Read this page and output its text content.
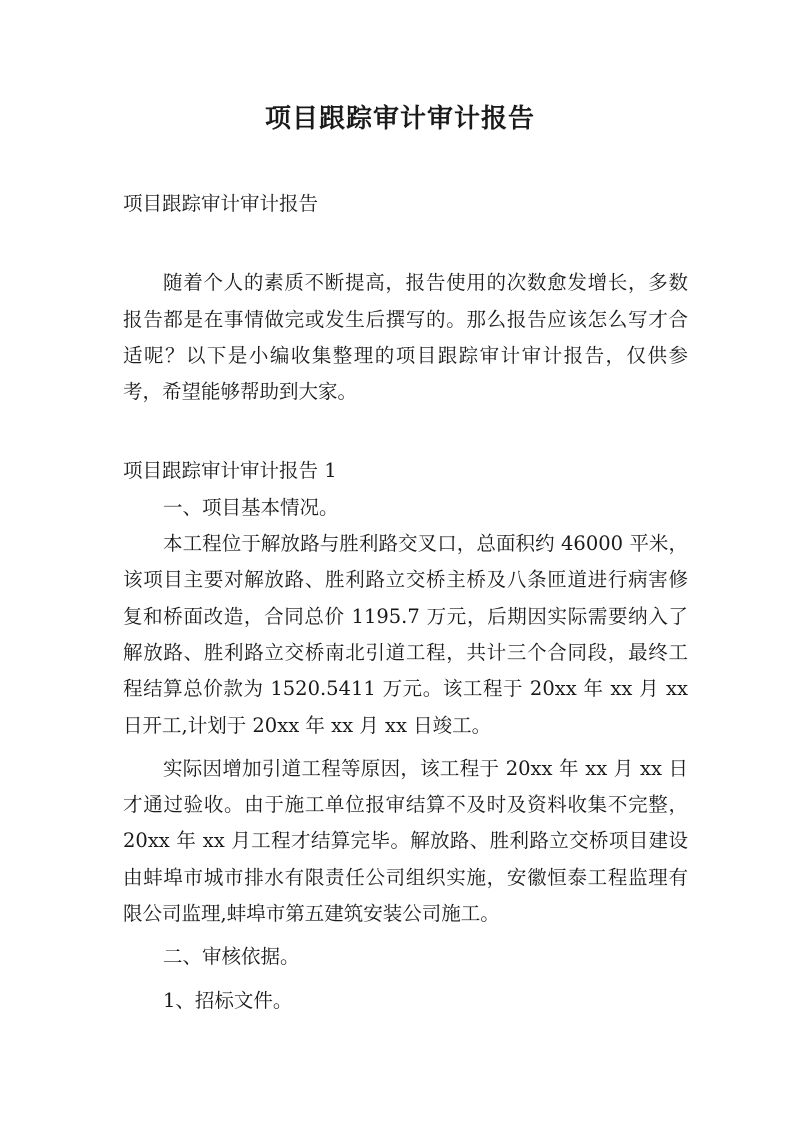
项目跟踪审计审计报告

项目跟踪审计审计报告

随着个人的素质不断提高，报告使用的次数愈发增长，多数报告都是在事情做完或发生后撰写的。那么报告应该怎么写才合适呢？以下是小编收集整理的项目跟踪审计审计报告，仅供参考，希望能够帮助到大家。

项目跟踪审计审计报告 1

一、项目基本情况。

本工程位于解放路与胜利路交叉口，总面积约 46000 平米，该项目主要对解放路、胜利路立交桥主桥及八条匝道进行病害修复和桥面改造，合同总价 1195.7 万元，后期因实际需要纳入了解放路、胜利路立交桥南北引道工程，共计三个合同段，最终工程结算总价款为 1520.5411 万元。该工程于 20xx 年 xx 月 xx 日开工,计划于 20xx 年 xx 月 xx 日竣工。

实际因增加引道工程等原因，该工程于 20xx 年 xx 月 xx 日才通过验收。由于施工单位报审结算不及时及资料收集不完整，20xx 年 xx 月工程才结算完毕。解放路、胜利路立交桥项目建设由蚌埠市城市排水有限责任公司组织实施，安徽恒泰工程监理有限公司监理,蚌埠市第五建筑安装公司施工。

二、审核依据。

1、招标文件。
